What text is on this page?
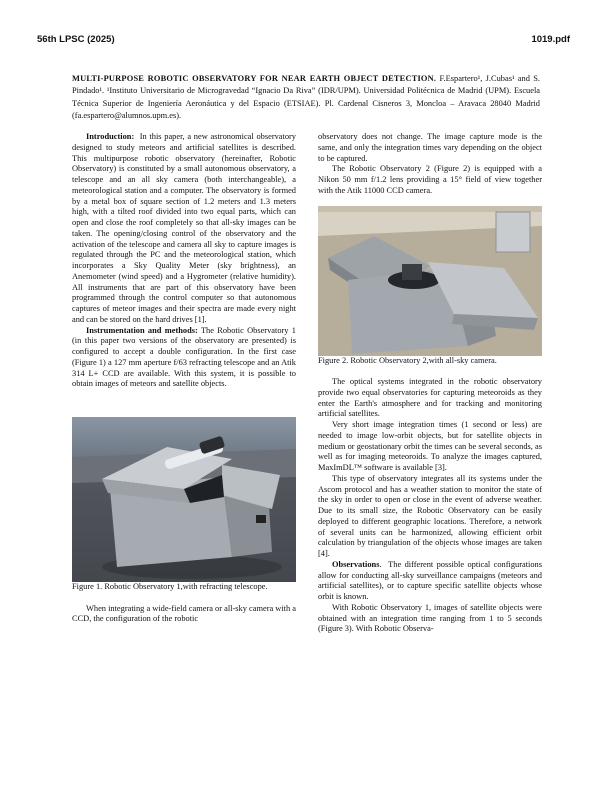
56th LPSC (2025)	1019.pdf
MULTI-PURPOSE ROBOTIC OBSERVATORY FOR NEAR EARTH OBJECT DETECTION. F.Espartero¹, J.Cubas¹ and S. Pindado¹. ¹Instituto Universitario de Microgravedad “Ignacio Da Riva” (IDR/UPM). Universidad Politécnica de Madrid (UPM). Escuela Técnica Superior de Ingeniería Aeronáutica y del Espacio (ETSIAE). Pl. Cardenal Cisneros 3, Moncloa – Aravaca 28040 Madrid (fa.espartero@alumnos.upm.es).

Introduction: In this paper, a new astronomical observatory designed to study meteors and artificial satellites is described. This multipurpose robotic observatory (hereinafter, Robotic Observatory) is constituted by a small autonomous observatory, a telescope and an all sky camera (both interchangeable), a meteorological station and a computer. The observatory is formed by a metal box of square section of 1.2 meters and 1.3 meters high, with a tilted roof divided into two equal parts, which can open and close the roof completely so that all-sky images can be taken. The opening/closing control of the observatory and the activation of the telescope and camera all sky to capture images is regulated through the PC and the meteorological station, which incorporates a Sky Quality Meter (sky brightness), an Anemometer (wind speed) and a Hygrometer (relative humidity). All instruments that are part of this observatory have been programmed through the control computer so that autonomous captures of meteor images and their spectra are made every night and can be stored on the hard drives [1].

Instrumentation and methods: The Robotic Observatory 1 (in this paper two versions of the observatory are presented) is configured to accept a double configuration. In the first case (Figure 1) a 127 mm aperture f/63 refracting telescope and an Atik 314 L+ CCD are available. With this system, it is possible to obtain images of meteors and satellite objects.

Figure 1. Robotic Observatory 1,with refracting telescope.

When integrating a wide-field camera or all-sky camera with a CCD, the configuration of the robotic

observatory does not change. The image capture mode is the same, and only the integration times vary depending on the object to be captured.

The Robotic Observatory 2 (Figure 2) is equipped with a Nikon 50 mm f/1.2 lens providing a 15° field of view together with the Atik 11000 CCD camera.

Figure 2. Robotic Observatory 2,with all-sky camera.

The optical systems integrated in the robotic observatory provide two equal observatories for capturing meteoroids as they enter the Earth's atmosphere and for tracking and monitoring artificial satellites.

Very short image integration times (1 second or less) are needed to image low-orbit objects, but for satellite objects in medium or geostationary orbit the times can be several seconds, as well as for imaging meteoroids. To analyze the images captured, MaxImDL™ software is available [3].

This type of observatory integrates all its systems under the Ascom protocol and has a weather station to monitor the state of the sky in order to open or close in the event of adverse weather. Due to its small size, the Robotic Observatory can be easily deployed to different geographic locations. Therefore, a network of several units can be harmonized, allowing efficient orbit calculation by triangulation of the objects whose images are taken [4].

Observations.  The different possible optical configurations allow for conducting all-sky surveillance campaigns (meteors and artificial satellites), or to capture specific satellite objects whose orbit is known.

With Robotic Observatory 1, images of satellite objects were obtained with an integration time ranging from 1 to 5 seconds (Figure 3). With Robotic Observa-
